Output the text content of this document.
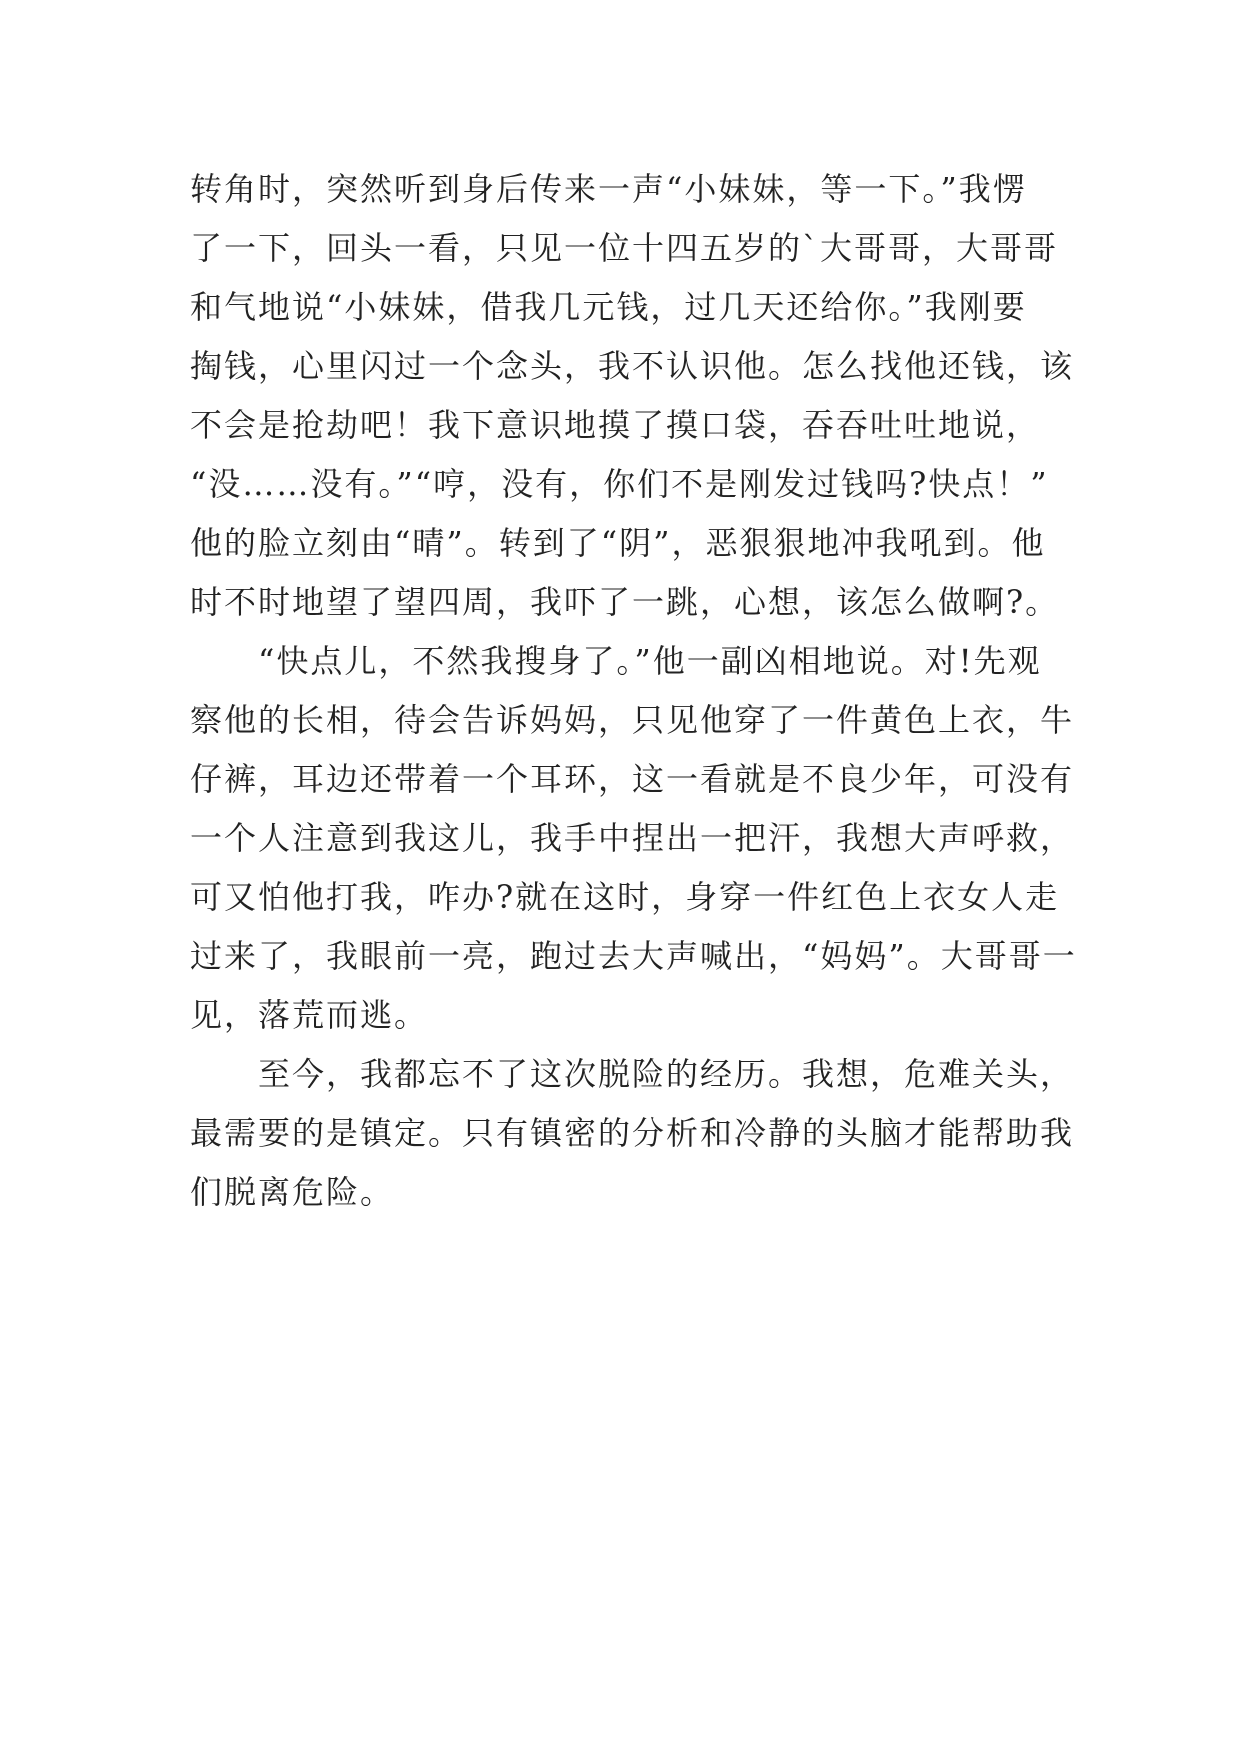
转角时，突然听到身后传来一声“小妹妹，等一下。”我愣
了一下，回头一看，只见一位十四五岁的`大哥哥，大哥哥
和气地说“小妹妹，借我几元钱，过几天还给你。”我刚要
掏钱，心里闪过一个念头，我不认识他。怎么找他还钱，该
不会是抢劫吧！我下意识地摸了摸口袋，吞吞吐吐地说，
“没……没有。”“哼，没有，你们不是刚发过钱吗?快点！”
他的脸立刻由“晴”。转到了“阴”，恶狠狠地冲我吼到。他
时不时地望了望四周，我吓了一跳，心想，该怎么做啊?。
“快点儿，不然我搜身了。”他一副凶相地说。对!先观
察他的长相，待会告诉妈妈，只见他穿了一件黄色上衣，牛
仔裤，耳边还带着一个耳环，这一看就是不良少年，可没有
一个人注意到我这儿，我手中捏出一把汗，我想大声呼救，
可又怕他打我，咋办?就在这时，身穿一件红色上衣女人走
过来了，我眼前一亮，跑过去大声喊出，“妈妈”。大哥哥一
见，落荒而逃。
至今，我都忘不了这次脱险的经历。我想，危难关头，
最需要的是镇定。只有镇密的分析和冷静的头脑才能帮助我
们脱离危险。
